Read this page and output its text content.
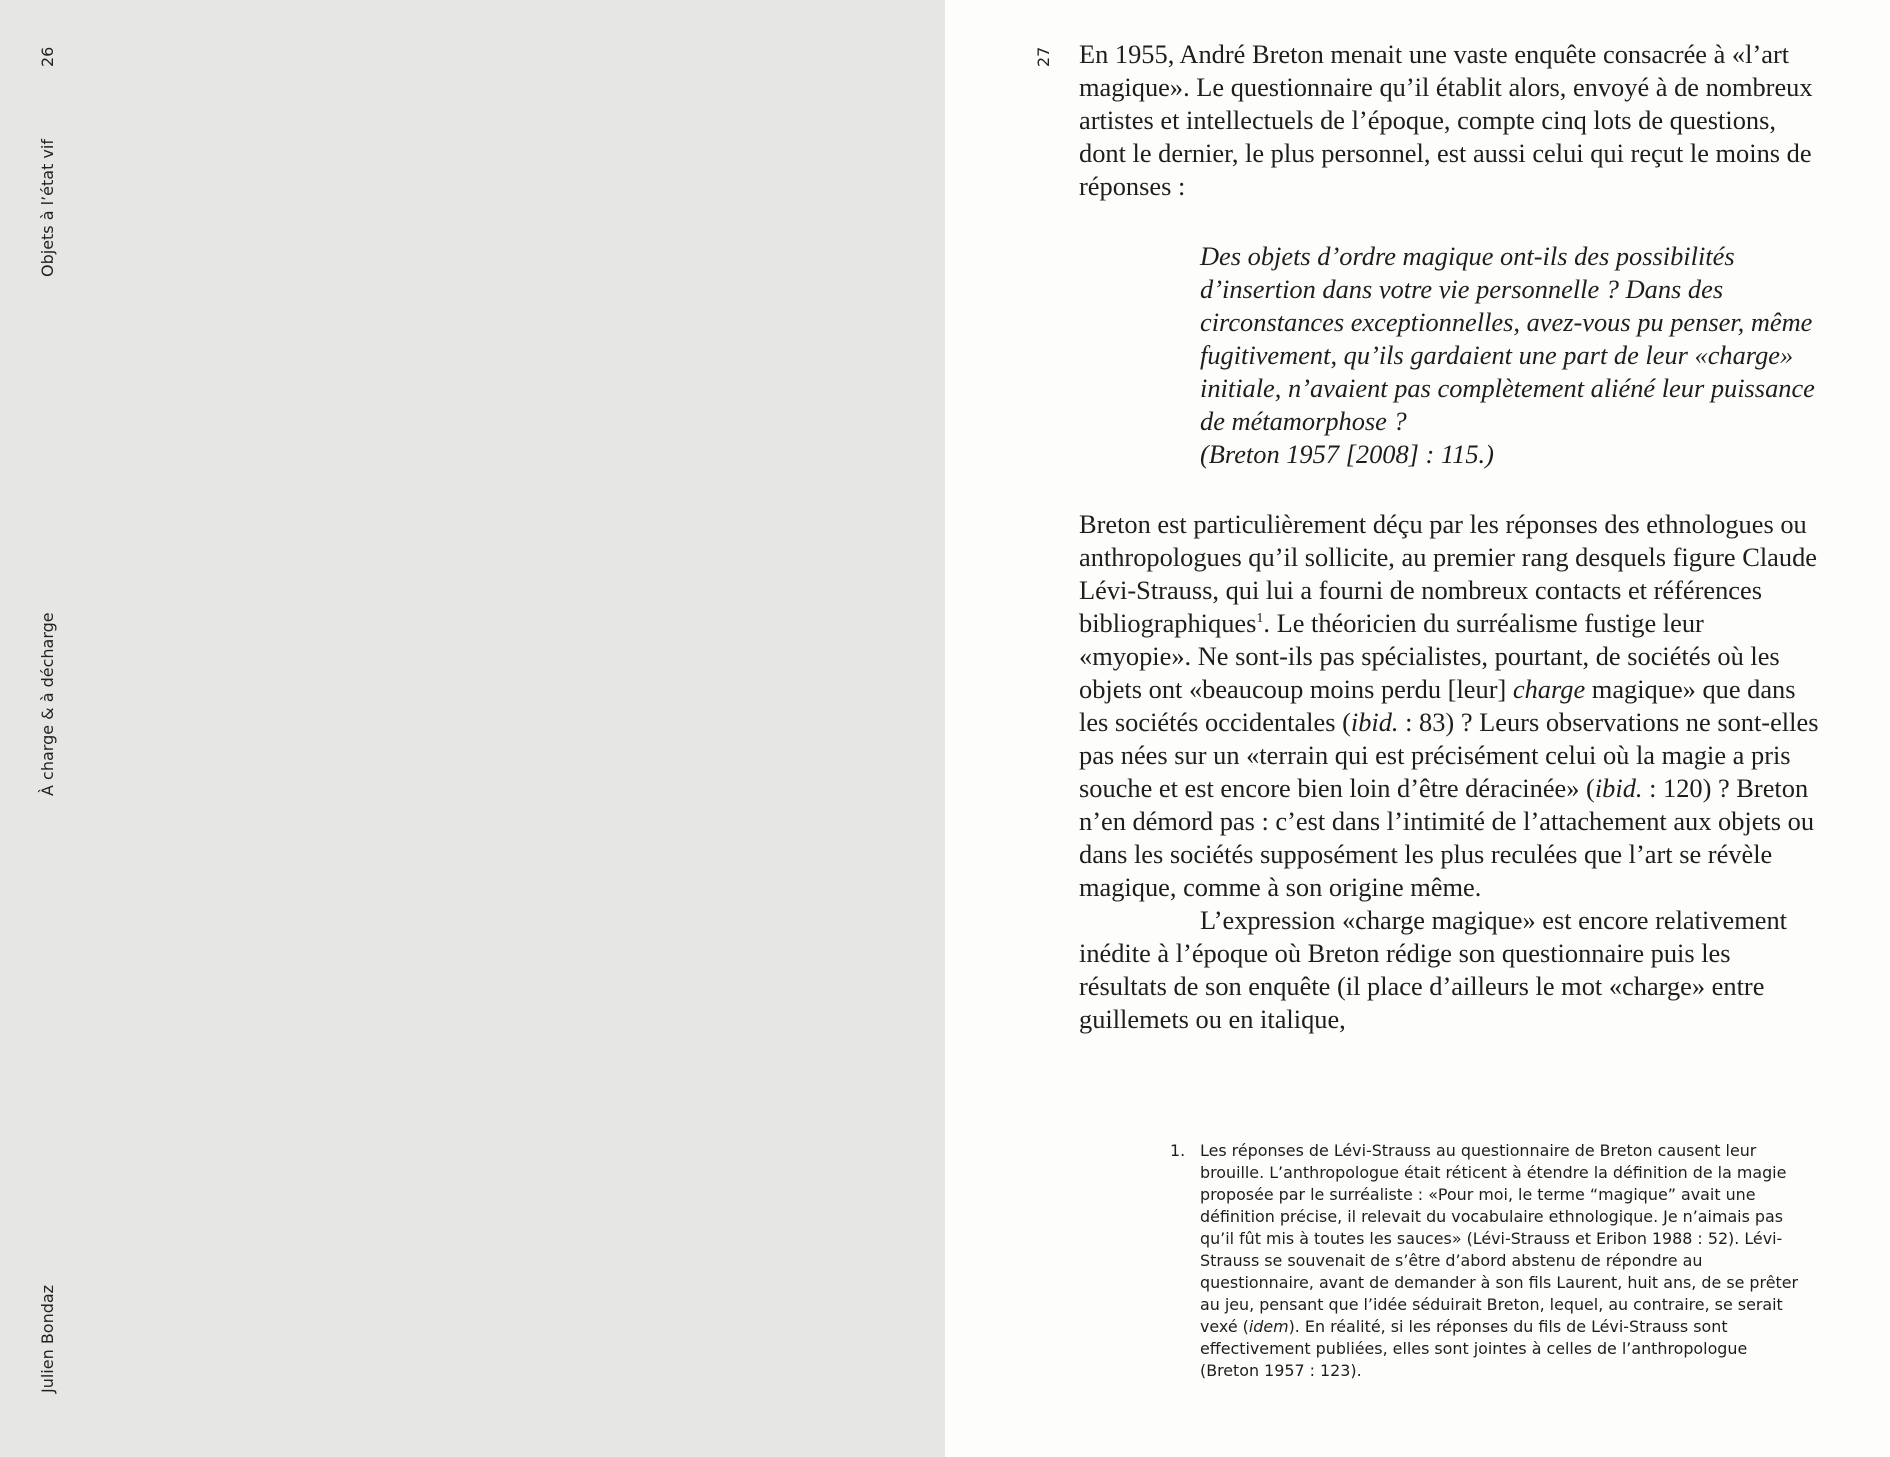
26
Objets à l’état vif
À charge & à décharge
Julien Bondaz
27 En 1955, André Breton menait une vaste enquête consacrée à «l’art magique». Le questionnaire qu’il établit alors, envoyé à de nombreux artistes et intellectuels de l’époque, compte cinq lots de questions, dont le dernier, le plus personnel, est aussi celui qui reçut le moins de réponses :

Des objets d’ordre magique ont-ils des possibilités d’insertion dans votre vie personnelle ? Dans des circonstances exceptionnelles, avez-vous pu penser, même fugitivement, qu’ils gardaient une part de leur «charge» initiale, n’avaient pas complètement aliéné leur puissance de métamorphose ?
(Breton 1957 [2008] : 115.)

Breton est particulièrement déçu par les réponses des ethnologues ou anthropologues qu’il sollicite, au premier rang desquels figure Claude Lévi-Strauss, qui lui a fourni de nombreux contacts et références bibliographiques$^1$. Le théoricien du surréalisme fustige leur «myopie». Ne sont-ils pas spécialistes, pourtant, de sociétés où les objets ont «beaucoup moins perdu [leur] charge magique» que dans les sociétés occidentales (ibid. : 83) ? Leurs observations ne sont-elles pas nées sur un «terrain qui est précisément celui où la magie a pris souche et est encore bien loin d’être déracinée» (ibid. : 120) ? Breton n’en démord pas : c’est dans l’intimité de l’attachement aux objets ou dans les sociétés supposément les plus reculées que l’art se révèle magique, comme à son origine même.

L’expression «charge magique» est encore relativement inédite à l’époque où Breton rédige son questionnaire puis les résultats de son enquête (il place d’ailleurs le mot «charge» entre guillemets ou en italique,

1. Les réponses de Lévi-Strauss au questionnaire de Breton causent leur brouille. L’anthropologue était réticent à étendre la définition de la magie proposée par le surréaliste : «Pour moi, le terme “magique” avait une définition précise, il relevait du vocabulaire ethnologique. Je n’aimais pas qu’il fût mis à toutes les sauces» (Lévi-Strauss et Eribon 1988 : 52). Lévi-Strauss se souvenait de s’être d’abord abstenu de répondre au questionnaire, avant de demander à son fils Laurent, huit ans, de se prêter au jeu, pensant que l’idée séduirait Breton, lequel, au contraire, se serait vexé (idem). En réalité, si les réponses du fils de Lévi-Strauss sont effectivement publiées, elles sont jointes à celles de l’anthropologue (Breton 1957 : 123).
